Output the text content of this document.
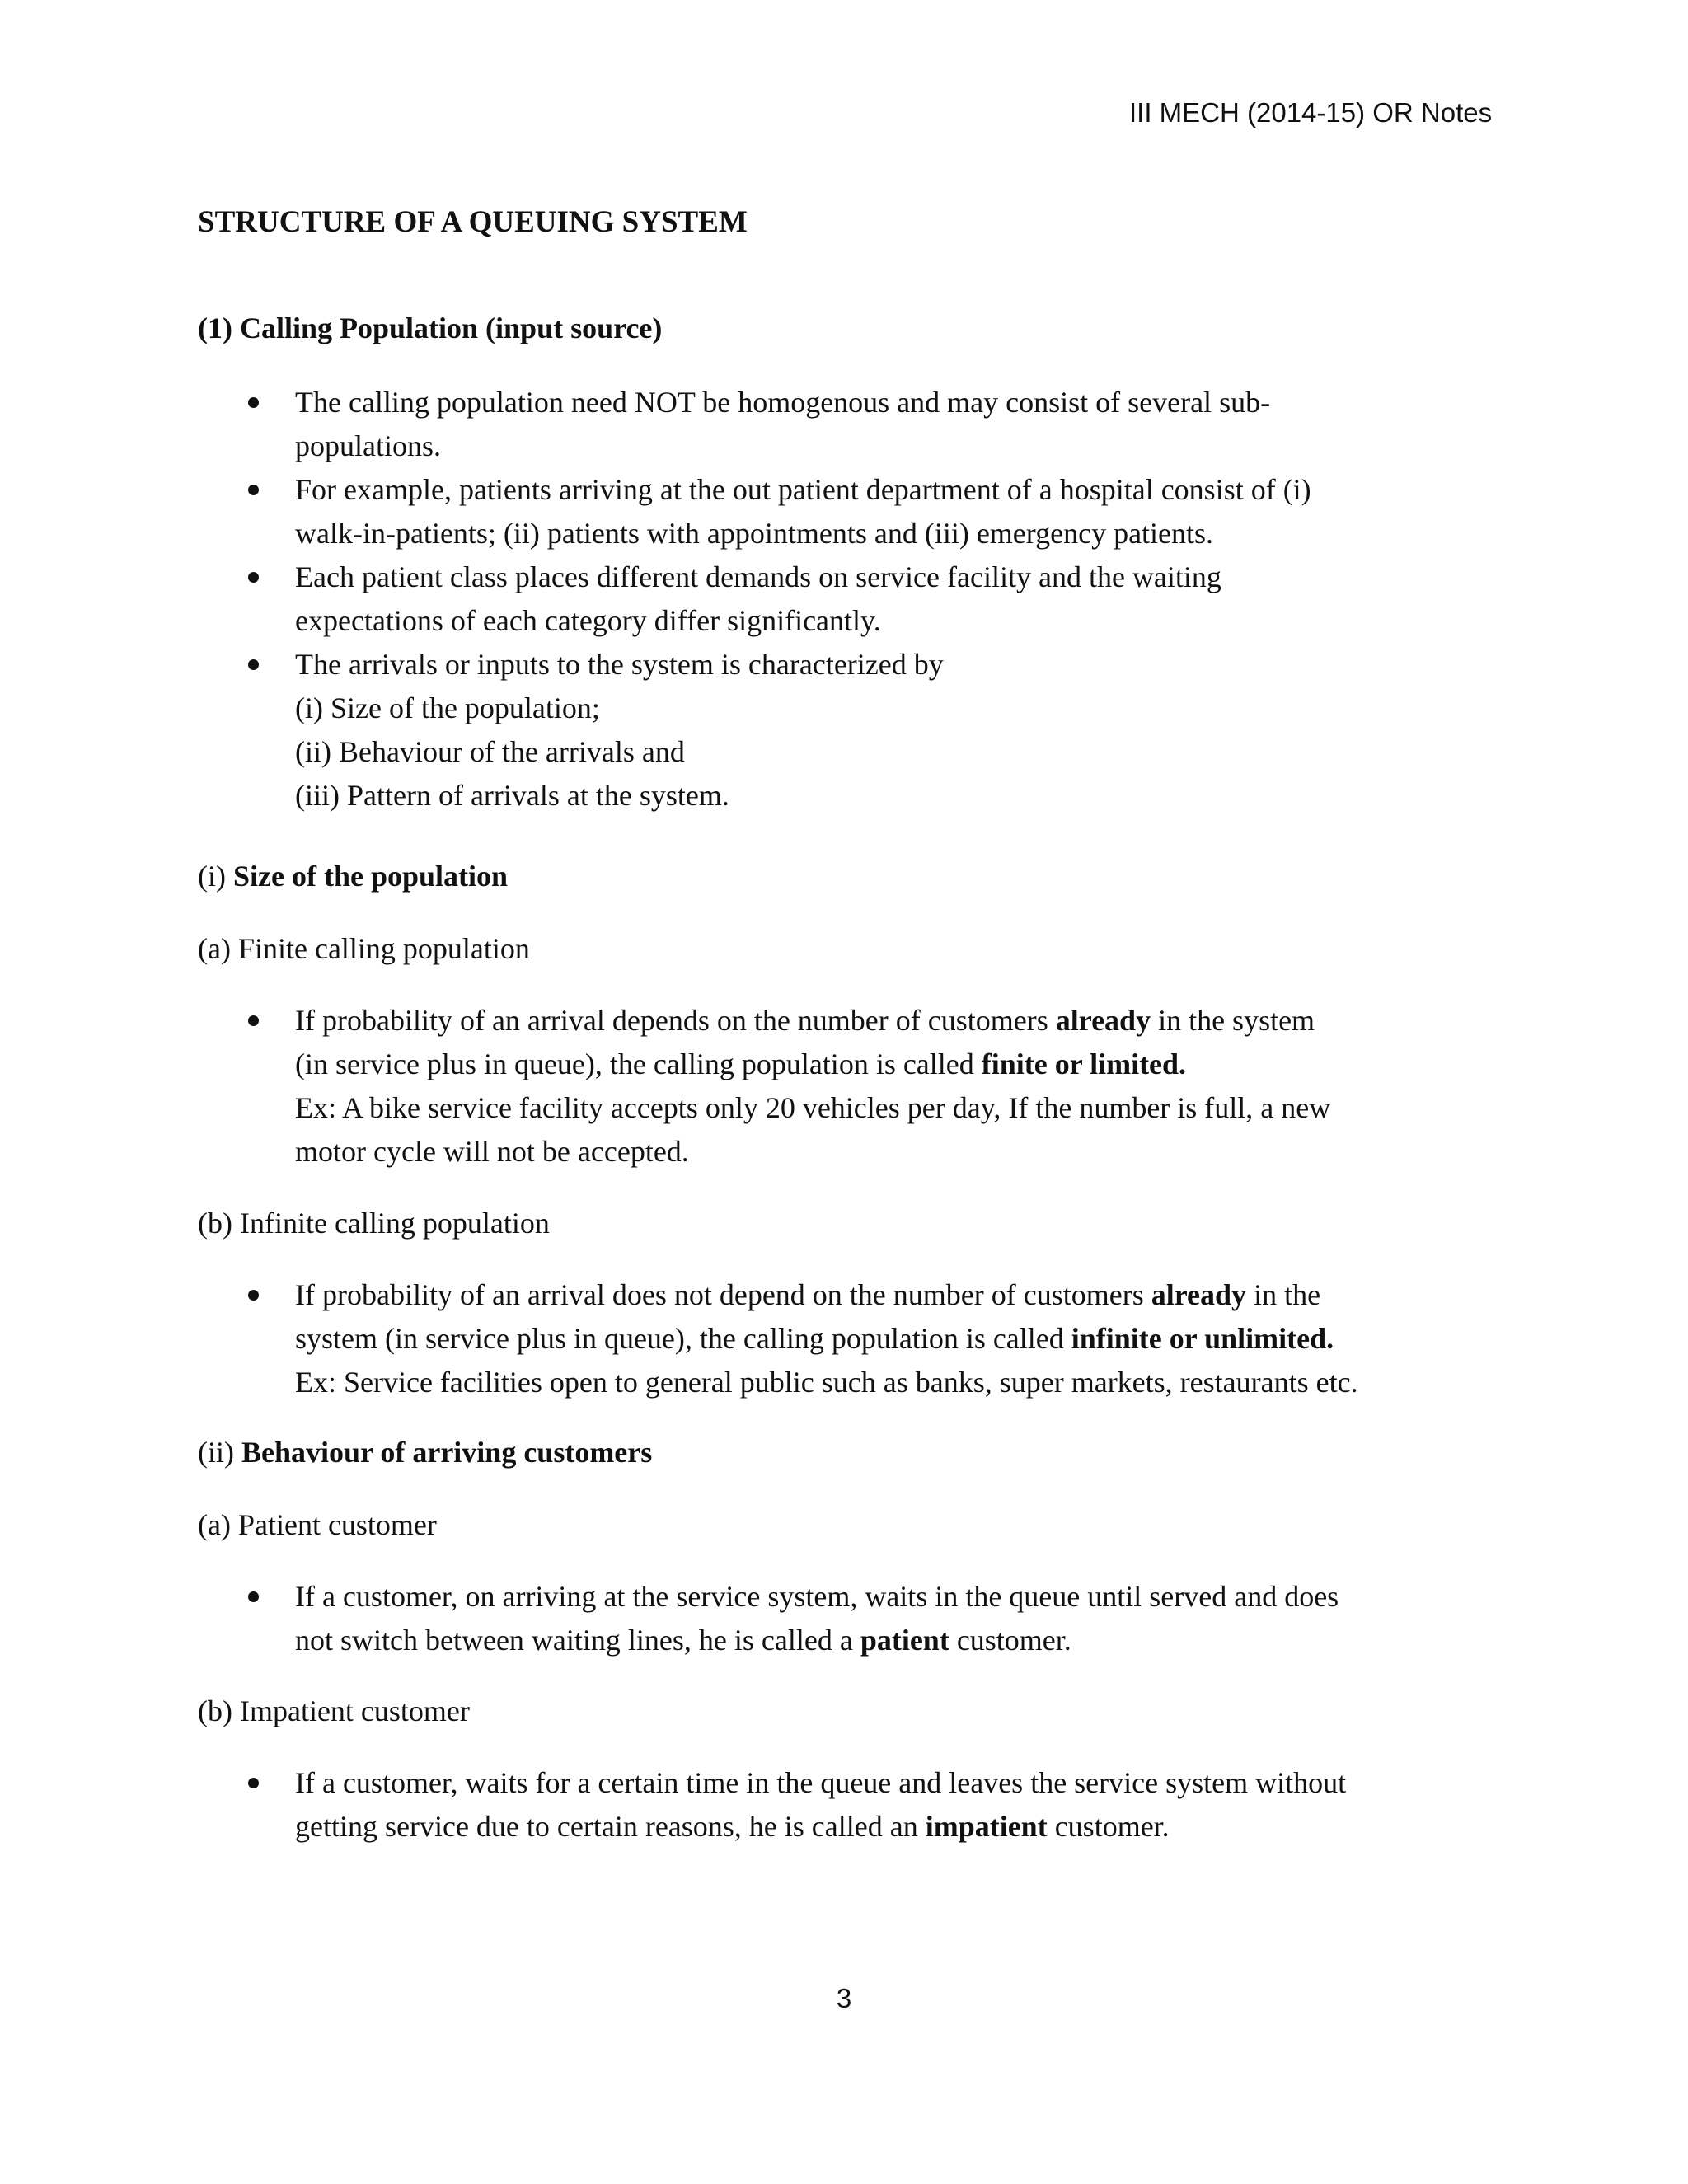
III MECH (2014-15) OR Notes
STRUCTURE OF A QUEUING SYSTEM
(1) Calling Population (input source)
The calling population need NOT be homogenous and may consist of several sub-
populations.
For example, patients arriving at the out patient department of a hospital consist of (i)
walk-in-patients; (ii) patients with appointments and (iii) emergency patients.
Each patient class places different demands on service facility and the waiting
expectations of each category differ significantly.
The arrivals or inputs to the system is characterized by
(i) Size of the population;
(ii) Behaviour of the arrivals and
(iii) Pattern of arrivals at the system.
(i) Size of the population
(a) Finite calling population
If probability of an arrival depends on the number of customers already in the system
(in service plus in queue), the calling population is called finite or limited.
Ex: A bike service facility accepts only 20 vehicles per day, If the number is full, a new
motor cycle will not be accepted.
(b) Infinite calling population
If probability of an arrival does not depend on the number of customers already in the
system (in service plus in queue), the calling population is called infinite or unlimited.
Ex: Service facilities open to general public such as banks, super markets, restaurants etc.
(ii) Behaviour of arriving customers
(a) Patient customer
If a customer, on arriving at the service system, waits in the queue until served and does
not switch between waiting lines, he is called a patient customer.
(b) Impatient customer
If a customer, waits for a certain time in the queue and leaves the service system without
getting service due to certain reasons, he is called an impatient customer.
3
